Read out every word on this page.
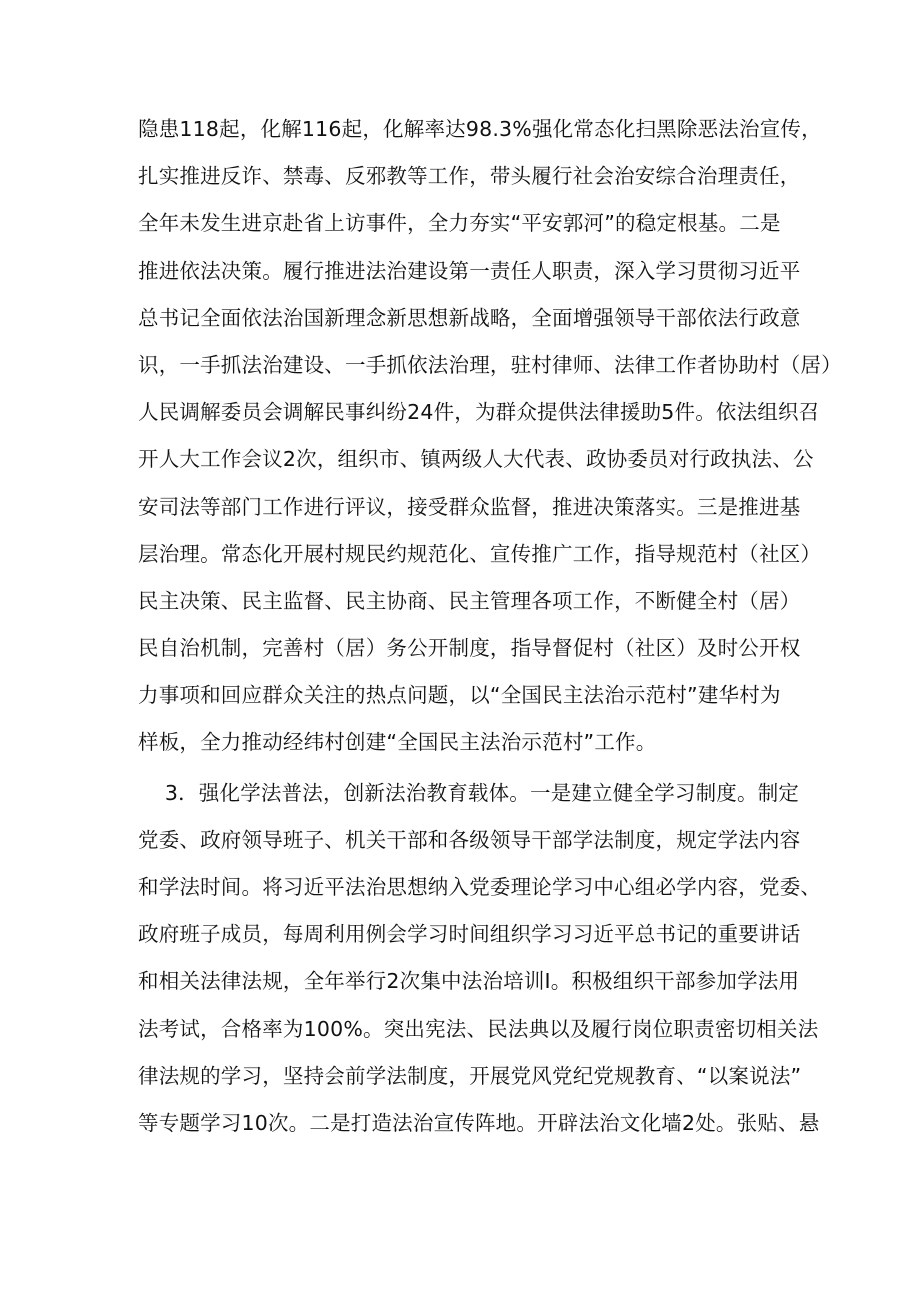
隐患118起，化解116起，化解率达98.3%强化常态化扫黑除恶法治宣传，
扎实推进反诈、禁毒、反邪教等工作，带头履行社会治安综合治理责任，
全年未发生进京赴省上访事件，全力夯实“平安郭河”的稳定根基。二是
推进依法决策。履行推进法治建设第一责任人职责，深入学习贯彻习近平
总书记全面依法治国新理念新思想新战略，全面增强领导干部依法行政意
识，一手抓法治建设、一手抓依法治理，驻村律师、法律工作者协助村（居）
人民调解委员会调解民事纠纷24件，为群众提供法律援助5件。依法组织召
开人大工作会议2次，组织市、镇两级人大代表、政协委员对行政执法、公
安司法等部门工作进行评议，接受群众监督，推进决策落实。三是推进基
层治理。常态化开展村规民约规范化、宣传推广工作，指导规范村（社区）
民主决策、民主监督、民主协商、民主管理各项工作，不断健全村（居）
民自治机制，完善村（居）务公开制度，指导督促村（社区）及时公开权
力事项和回应群众关注的热点问题，以“全国民主法治示范村”建华村为
样板，全力推动经纬村创建“全国民主法治示范村”工作。
3．强化学法普法，创新法治教育载体。一是建立健全学习制度。制定
党委、政府领导班子、机关干部和各级领导干部学法制度，规定学法内容
和学法时间。将习近平法治思想纳入党委理论学习中心组必学内容，党委、
政府班子成员，每周利用例会学习时间组织学习习近平总书记的重要讲话
和相关法律法规，全年举行2次集中法治培训I。积极组织干部参加学法用
法考试，合格率为100%。突出宪法、民法典以及履行岗位职责密切相关法
律法规的学习，坚持会前学法制度，开展党风党纪党规教育、“以案说法”
等专题学习10次。二是打造法治宣传阵地。开辟法治文化墙2处。张贴、悬
